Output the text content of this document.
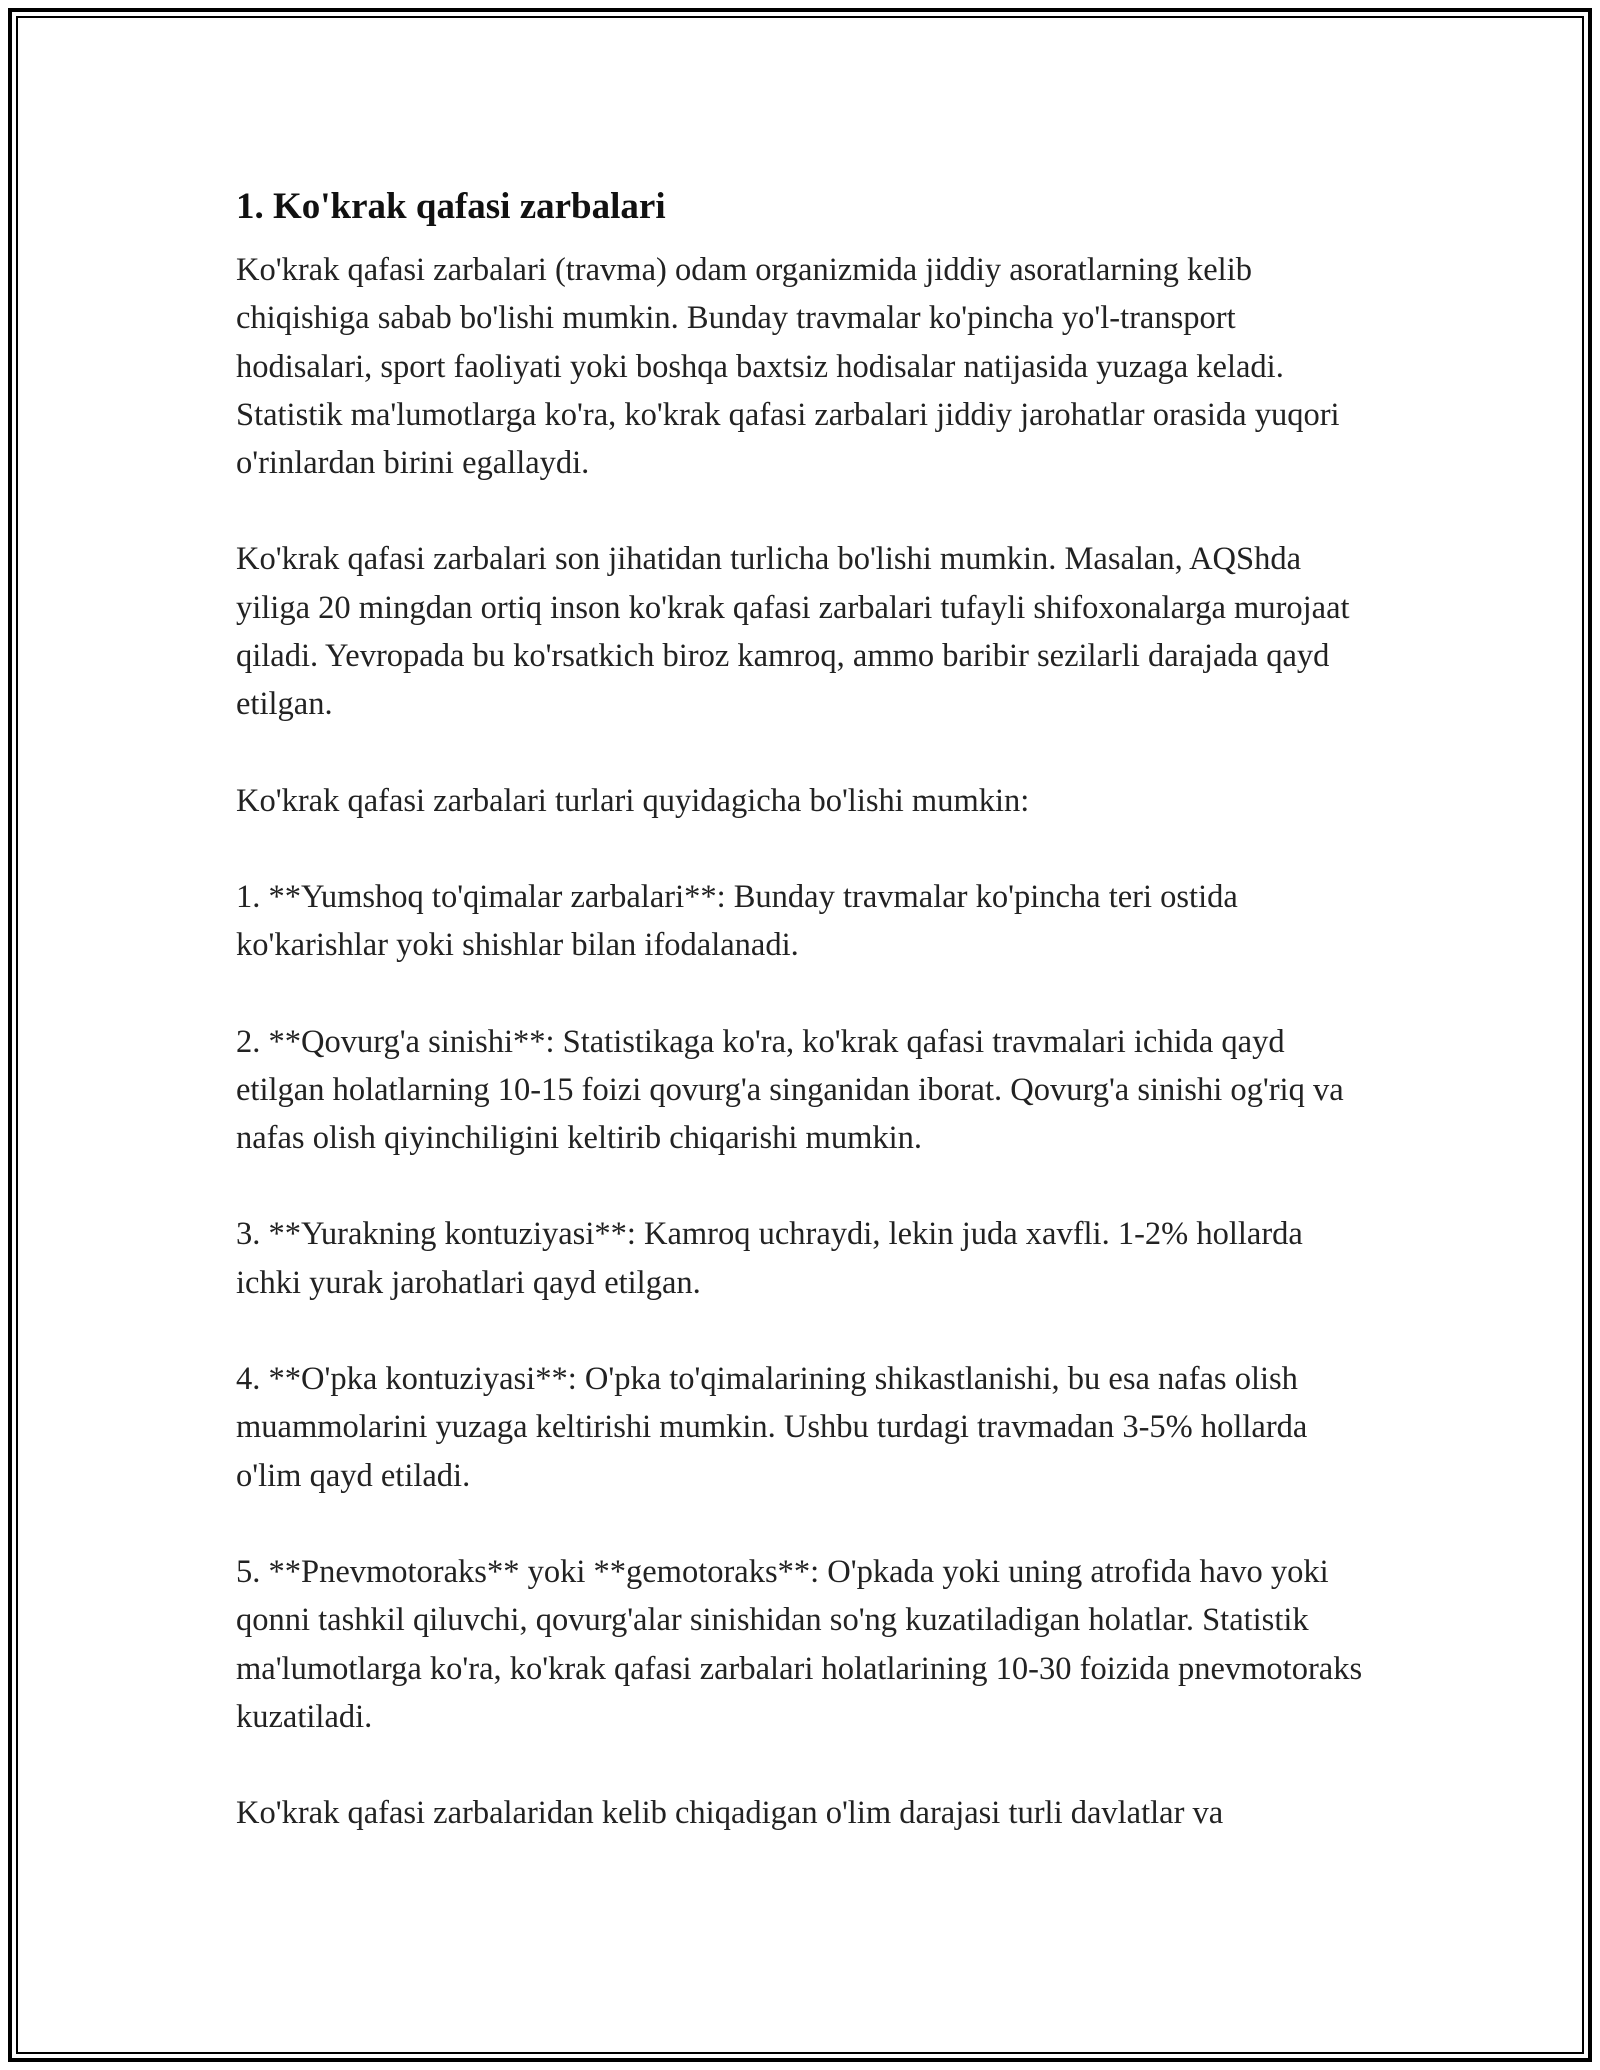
1. Ko'krak qafasi zarbalari

Ko'krak qafasi zarbalari (travma) odam organizmida jiddiy asoratlarning kelib chiqishiga sabab bo'lishi mumkin. Bunday travmalar ko'pincha yo'l-transport hodisalari, sport faoliyati yoki boshqa baxtsiz hodisalar natijasida yuzaga keladi. Statistik ma'lumotlarga ko'ra, ko'krak qafasi zarbalari jiddiy jarohatlar orasida yuqori o'rinlardan birini egallaydi.

Ko'krak qafasi zarbalari son jihatidan turlicha bo'lishi mumkin. Masalan, AQShda yiliga 20 mingdan ortiq inson ko'krak qafasi zarbalari tufayli shifoxonalarga murojaat qiladi. Yevropada bu ko'rsatkich biroz kamroq, ammo baribir sezilarli darajada qayd etilgan.

Ko'krak qafasi zarbalari turlari quyidagicha bo'lishi mumkin:

1. **Yumshoq to'qimalar zarbalari**: Bunday travmalar ko'pincha teri ostida ko'karishlar yoki shishlar bilan ifodalanadi.

2. **Qovurg'a sinishi**: Statistikaga ko'ra, ko'krak qafasi travmalari ichida qayd etilgan holatlarning 10-15 foizi qovurg'a singanidan iborat. Qovurg'a sinishi og'riq va nafas olish qiyinchiligini keltirib chiqarishi mumkin.

3. **Yurakning kontuziyasi**: Kamroq uchraydi, lekin juda xavfli. 1-2% hollarda ichki yurak jarohatlari qayd etilgan.

4. **O'pka kontuziyasi**: O'pka to'qimalarining shikastlanishi, bu esa nafas olish muammolarini yuzaga keltirishi mumkin. Ushbu turdagi travmadan 3-5% hollarda o'lim qayd etiladi.

5. **Pnevmotoraks** yoki **gemotoraks**: O'pkada yoki uning atrofida havo yoki qonni tashkil qiluvchi, qovurg'alar sinishidan so'ng kuzatiladigan holatlar. Statistik ma'lumotlarga ko'ra, ko'krak qafasi zarbalari holatlarining 10-30 foizida pnevmotoraks kuzatiladi.

Ko'krak qafasi zarbalaridan kelib chiqadigan o'lim darajasi turli davlatlar va
